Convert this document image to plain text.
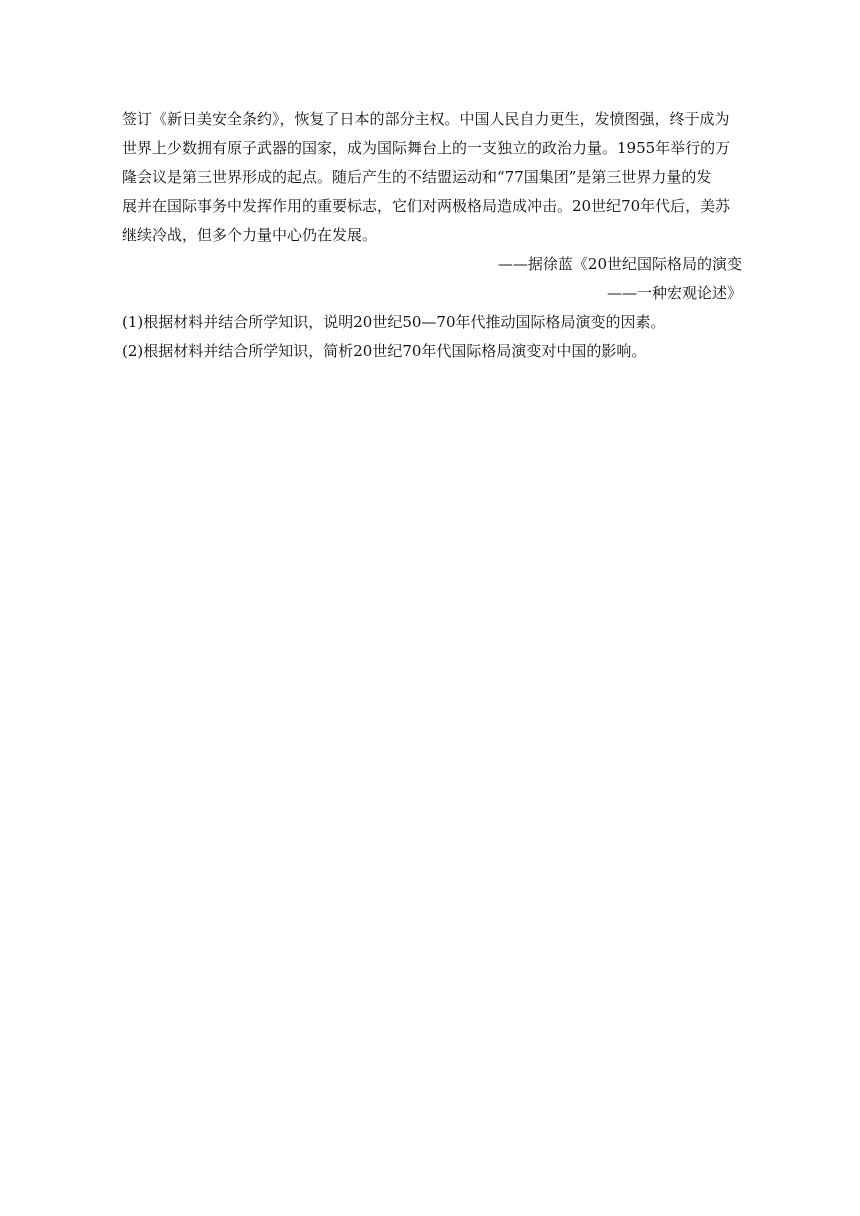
签订《新日美安全条约》，恢复了日本的部分主权。中国人民自力更生，发愤图强，终于成为
世界上少数拥有原子武器的国家，成为国际舞台上的一支独立的政治力量。1955年举行的万
隆会议是第三世界形成的起点。随后产生的不结盟运动和“77国集团”是第三世界力量的发
展并在国际事务中发挥作用的重要标志，它们对两极格局造成冲击。20世纪70年代后，美苏
继续冷战，但多个力量中心仍在发展。

——据徐蓝《20世纪国际格局的演变

——一种宏观论述》

(1)根据材料并结合所学知识，说明20世纪50—70年代推动国际格局演变的因素。
(2)根据材料并结合所学知识，简析20世纪70年代国际格局演变对中国的影响。
